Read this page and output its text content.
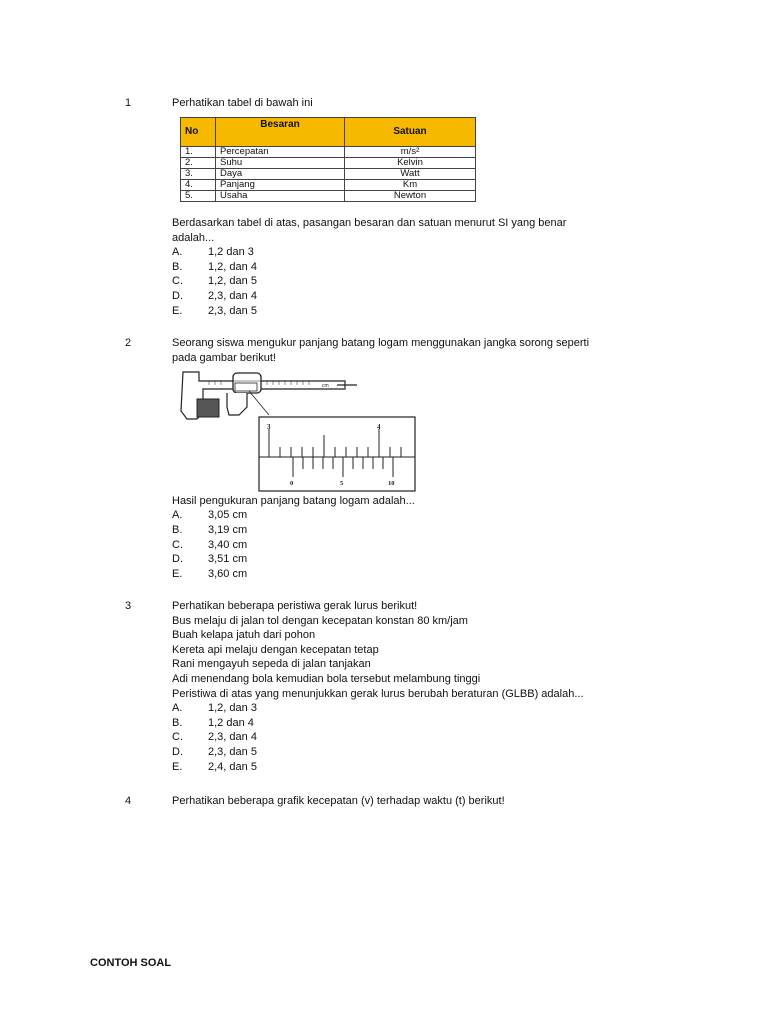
1	Perhatikan tabel di bawah ini
No	Besaran	Satuan
1.	Percepatan	m/s²
2.	Suhu	Kelvin
3.	Daya	Watt
4.	Panjang	Km
5.	Usaha	Newton
Berdasarkan tabel di atas, pasangan besaran dan satuan menurut SI yang benar
adalah...
A. 1,2 dan 3
B. 1,2, dan 4
C. 1,2, dan 5
D. 2,3, dan 4
E. 2,3, dan 5
2	Seorang siswa mengukur panjang batang logam menggunakan jangka sorong seperti
pada gambar berikut!
cm
3	4
0	5	10
Hasil pengukuran panjang batang logam adalah...
A. 3,05 cm
B. 3,19 cm
C. 3,40 cm
D. 3,51 cm
E. 3,60 cm
3	Perhatikan beberapa peristiwa gerak lurus berikut!
Bus melaju di jalan tol dengan kecepatan konstan 80 km/jam
Buah kelapa jatuh dari pohon
Kereta api melaju dengan kecepatan tetap
Rani mengayuh sepeda di jalan tanjakan
Adi menendang bola kemudian bola tersebut melambung tinggi
Peristiwa di atas yang menunjukkan gerak lurus berubah beraturan (GLBB) adalah...
A. 1,2, dan 3
B. 1,2 dan 4
C. 2,3, dan 4
D. 2,3, dan 5
E. 2,4, dan 5
4	Perhatikan beberapa grafik kecepatan (v) terhadap waktu (t) berikut!
CONTOH SOAL
